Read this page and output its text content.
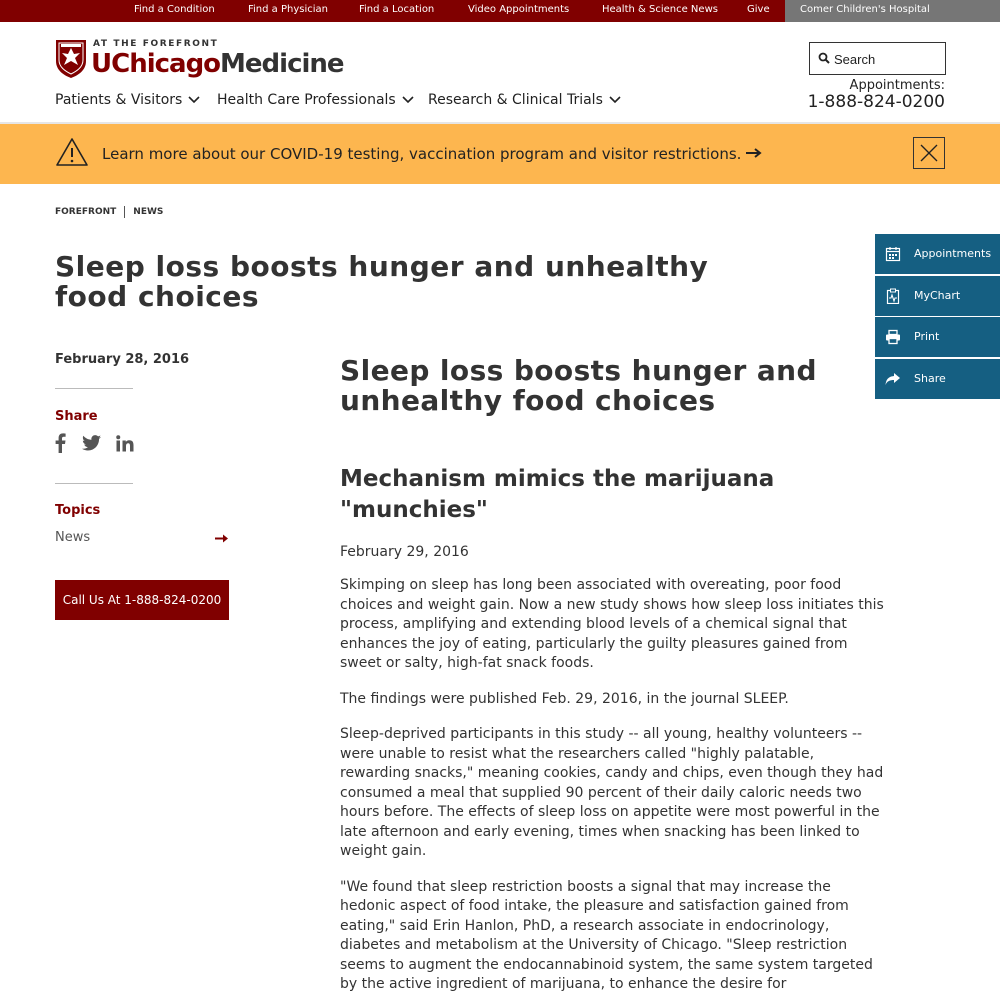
Find a Condition	Find a Physician	Find a Location	Video Appointments	Health & Science News	Give	Comer Children's Hospital
AT THE FOREFRONT
UChicagoMedicine
Search
Appointments:
1-888-824-0200
Patients & Visitors Health Care Professionals Research & Clinical Trials
Learn more about our COVID-19 testing, vaccination program and visitor restrictions.
FOREFRONT NEWS
Sleep loss boosts hunger and unhealthy food choices
Appointments
MyChart
Print
Share
February 28, 2016
Share
Topics
News
Call Us At 1-888-824-0200
Sleep loss boosts hunger and unhealthy food choices
Mechanism mimics the marijuana "munchies"

February 29, 2016

Skimping on sleep has long been associated with overeating, poor food choices and weight gain. Now a new study shows how sleep loss initiates this process, amplifying and extending blood levels of a chemical signal that enhances the joy of eating, particularly the guilty pleasures gained from sweet or salty, high-fat snack foods.

The findings were published Feb. 29, 2016, in the journal SLEEP.

Sleep-deprived participants in this study -- all young, healthy volunteers -- were unable to resist what the researchers called "highly palatable, rewarding snacks," meaning cookies, candy and chips, even though they had consumed a meal that supplied 90 percent of their daily caloric needs two hours before. The effects of sleep loss on appetite were most powerful in the late afternoon and early evening, times when snacking has been linked to weight gain.

"We found that sleep restriction boosts a signal that may increase the hedonic aspect of food intake, the pleasure and satisfaction gained from eating," said Erin Hanlon, PhD, a research associate in endocrinology, diabetes and metabolism at the University of Chicago. "Sleep restriction seems to augment the endocannabinoid system, the same system targeted by the active ingredient of marijuana, to enhance the desire for
